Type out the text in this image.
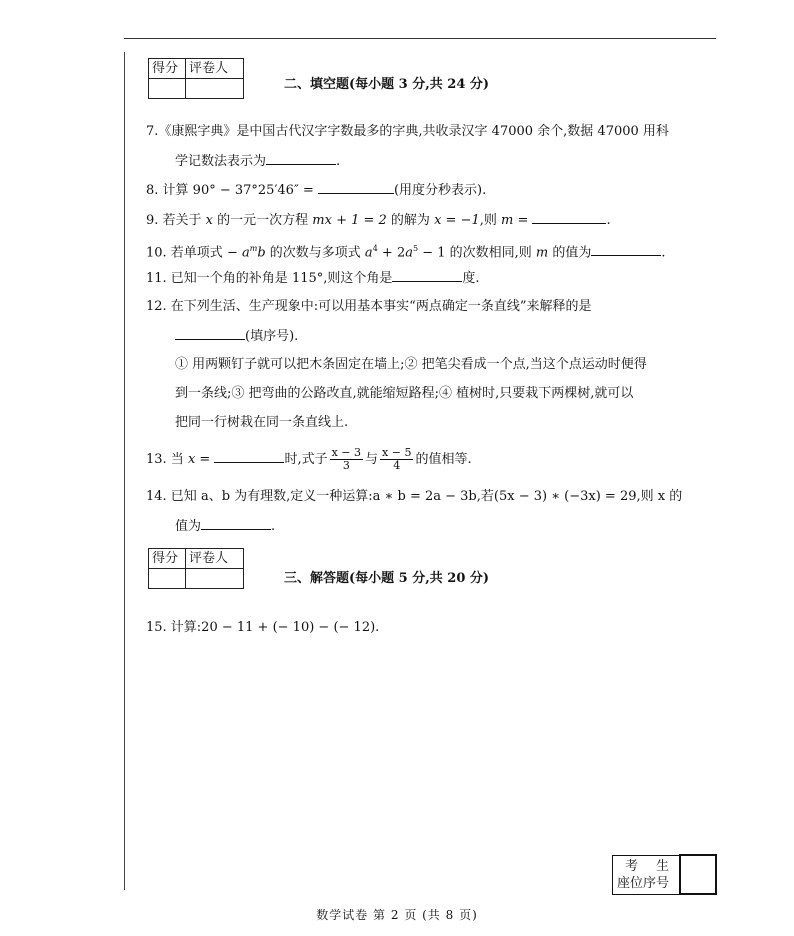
得分	评卷人

二、填空题(每小题 3 分,共 24 分)
7.《康熙字典》是中国古代汉字字数最多的字典,共收录汉字 47000 余个,数据 47000 用科
学记数法表示为	.
8. 计算 90° − 37°25′46″ =	(用度分秒表示).
9. 若关于 x 的一元一次方程 mx + 1 = 2 的解为 x = −1,则 m =	.
10. 若单项式 − $a^mb$ 的次数与多项式 $a^4 + 2a^5 - 1$ 的次数相同,则 m 的值为	.
11. 已知一个角的补角是 115°,则这个角是	度.
12. 在下列生活、生产现象中:可以用基本事实“两点确定一条直线”来解释的是
(填序号).
① 用两颗钉子就可以把木条固定在墙上;② 把笔尖看成一个点,当这个点运动时便得
到一条线;③ 把弯曲的公路改直,就能缩短路程;④ 植树时,只要栽下两棵树,就可以
把同一行树栽在同一条直线上.
13. 当 x =	时,式子 $\frac{x - 3}{3}$ 与 $\frac{x - 5}{4}$ 的值相等.
14. 已知 a、b 为有理数,定义一种运算:a ∗ b = 2a − 3b,若(5x − 3) ∗ (−3x) = 29,则 x 的
值为	.
得分	评卷人

三、解答题(每小题 5 分,共 20 分)
15. 计算:20 − 11 + (− 10) − (− 12).
考 生
座位序号

数学试卷 第 2 页 (共 8 页)
